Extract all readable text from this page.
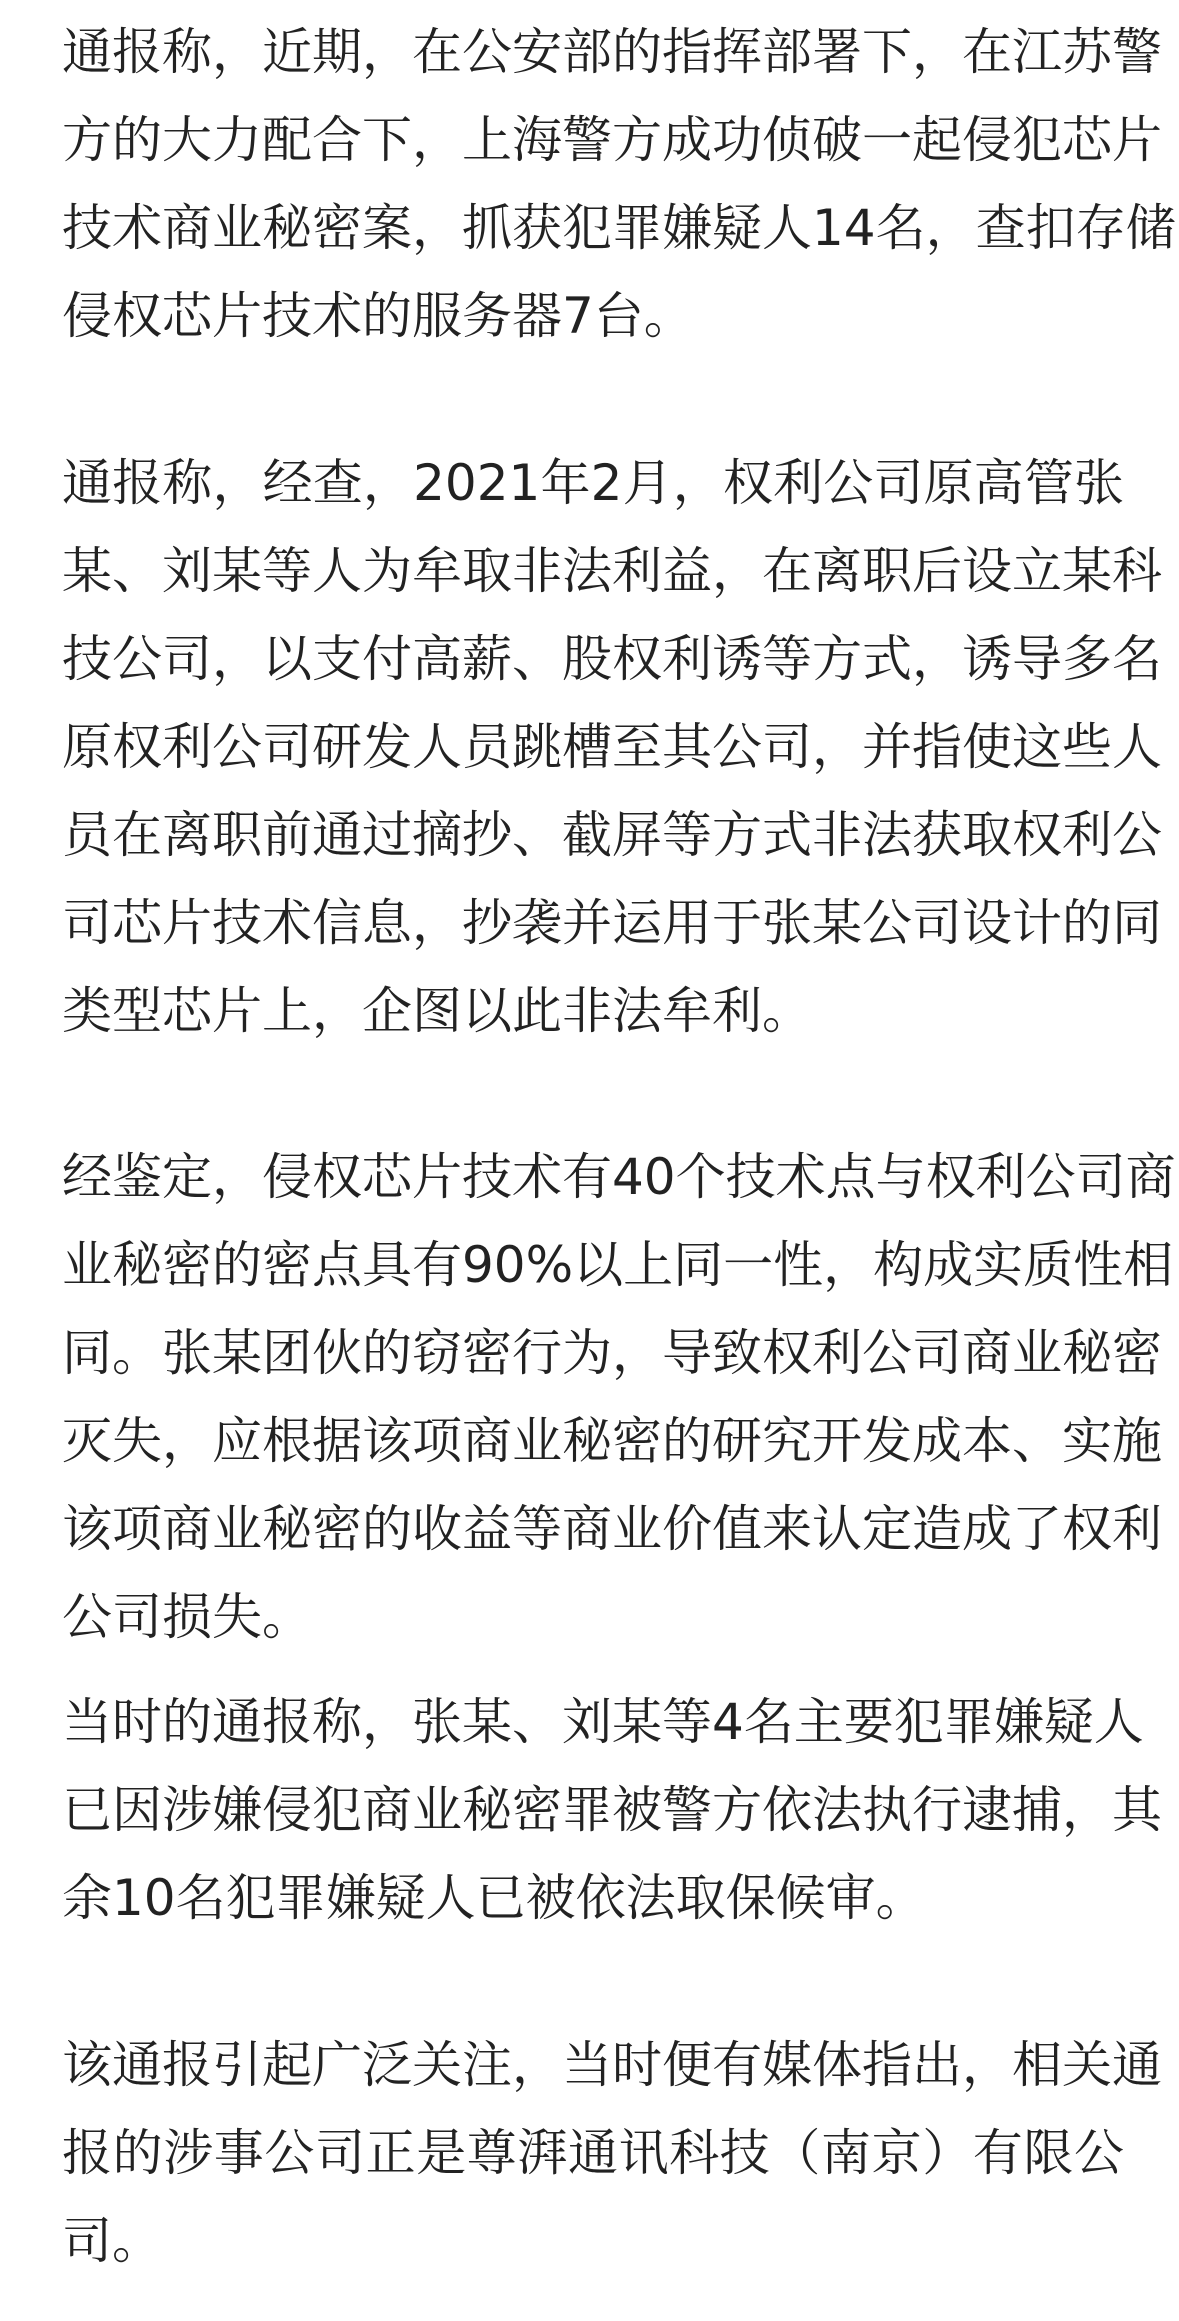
通报称，近期，在公安部的指挥部署下，在江苏警
方的大力配合下，上海警方成功侦破一起侵犯芯片
技术商业秘密案，抓获犯罪嫌疑人14名，查扣存储
侵权芯片技术的服务器7台。
通报称，经查，2021年2月，权利公司原高管张
某、刘某等人为牟取非法利益，在离职后设立某科
技公司，以支付高薪、股权利诱等方式，诱导多名
原权利公司研发人员跳槽至其公司，并指使这些人
员在离职前通过摘抄、截屏等方式非法获取权利公
司芯片技术信息，抄袭并运用于张某公司设计的同
类型芯片上，企图以此非法牟利。
经鉴定，侵权芯片技术有40个技术点与权利公司商
业秘密的密点具有90%以上同一性，构成实质性相
同。张某团伙的窃密行为，导致权利公司商业秘密
灭失，应根据该项商业秘密的研究开发成本、实施
该项商业秘密的收益等商业价值来认定造成了权利
公司损失。
当时的通报称，张某、刘某等4名主要犯罪嫌疑人
已因涉嫌侵犯商业秘密罪被警方依法执行逮捕，其
余10名犯罪嫌疑人已被依法取保候审。
该通报引起广泛关注，当时便有媒体指出，相关通
报的涉事公司正是尊湃通讯科技（南京）有限公
司。
